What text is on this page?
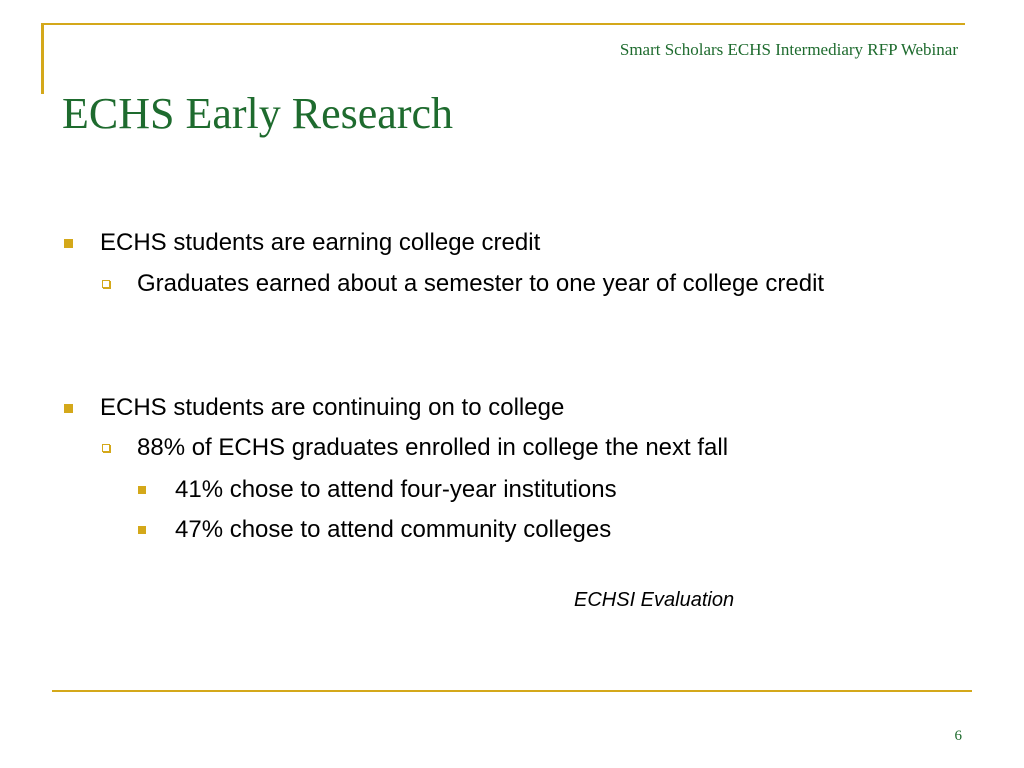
Smart Scholars ECHS Intermediary RFP Webinar
ECHS Early Research
ECHS students are earning college credit
Graduates earned about a semester to one year of college credit
ECHS students are continuing on to college
88% of ECHS graduates enrolled in college the next fall
41% chose to attend four-year institutions
47% chose to attend community colleges
ECHSI Evaluation
6
